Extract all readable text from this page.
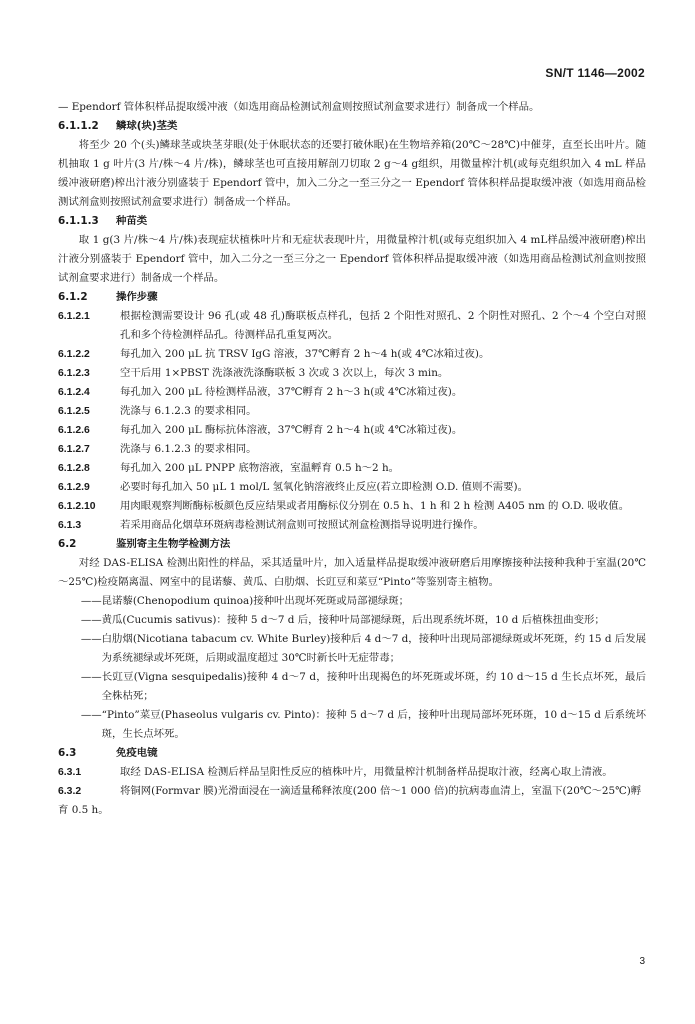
SN/T 1146—2002
— Ependorf 管体积样品提取缓冲液（如选用商品检测试剂盒则按照试剂盒要求进行）制备成一个样品。
6.1.1.2 鳞球(块)茎类
将至少 20 个(头)鳞球茎或块茎芽眼(处于休眠状态的还要打破休眠)在生物培养箱(20℃～28℃)中催芽，直至长出叶片。随机抽取 1 g 叶片(3 片/株～4 片/株)，鳞球茎也可直接用解剖刀切取 2 g～4 g组织，用微量榨汁机(或每克组织加入 4 mL 样品缓冲液研磨)榨出汁液分别盛装于 Ependorf 管中，加入二分之一至三分之一 Ependorf 管体积样品提取缓冲液（如选用商品检测试剂盒则按照试剂盒要求进行）制备成一个样品。
6.1.1.3 种苗类
取 1 g(3 片/株～4 片/株)表现症状植株叶片和无症状表现叶片，用微量榨汁机(或每克组织加入 4 mL样品缓冲液研磨)榨出汁液分别盛装于 Ependorf 管中，加入二分之一至三分之一 Ependorf 管体积样品提取缓冲液（如选用商品检测试剂盒则按照试剂盒要求进行）制备成一个样品。
6.1.2	操作步骤
6.1.2.1	根据检测需要设计 96 孔(或 48 孔)酶联板点样孔，包括 2 个阳性对照孔、2 个阴性对照孔、2 个～4 个空白对照孔和多个待检测样品孔。待测样品孔重复两次。
6.1.2.2	每孔加入 200 μL 抗 TRSV IgG 溶液，37℃孵育 2 h～4 h(或 4℃冰箱过夜)。
6.1.2.3	空干后用 1×PBST 洗涤液洗涤酶联板 3 次或 3 次以上，每次 3 min。
6.1.2.4	每孔加入 200 μL 待检测样品液，37℃孵育 2 h～3 h(或 4℃冰箱过夜)。
6.1.2.5	洗涤与 6.1.2.3 的要求相同。
6.1.2.6	每孔加入 200 μL 酶标抗体溶液，37℃孵育 2 h～4 h(或 4℃冰箱过夜)。
6.1.2.7	洗涤与 6.1.2.3 的要求相同。
6.1.2.8	每孔加入 200 μL PNPP 底物溶液，室温孵育 0.5 h～2 h。
6.1.2.9	必要时每孔加入 50 μL 1 mol/L 氢氧化钠溶液终止反应(若立即检测 O.D. 值则不需要)。
6.1.2.10 用肉眼观察判断酶标板颜色反应结果或者用酶标仪分别在 0.5 h、1 h 和 2 h 检测 A405 nm 的 O.D. 吸收值。
6.1.3	若采用商品化烟草环斑病毒检测试剂盒则可按照试剂盒检测指导说明进行操作。
6.2	鉴别寄主生物学检测方法
对经 DAS-ELISA 检测出阳性的样品，采其适量叶片，加入适量样品提取缓冲液研磨后用摩擦接种法接种我种于室温(20℃～25℃)检疫隔离温、网室中的昆诺藜、黄瓜、白肋烟、长豇豆和菜豆“Pinto”等鉴别寄主植物。
——昆诺藜(Chenopodium quinoa)接种叶出现坏死斑或局部褪绿斑；
——黄瓜(Cucumis sativus)：接种 5 d～7 d 后，接种叶局部褪绿斑，后出现系统坏斑，10 d 后植株扭曲变形；
——白肋烟(Nicotiana tabacum cv. White Burley)接种后 4 d～7 d，接种叶出现局部褪绿斑或坏死斑，约 15 d 后发展为系统褪绿或坏死斑，后期或温度超过 30℃时新长叶无症带毒；
——长豇豆(Vigna sesquipedalis)接种 4 d～7 d，接种叶出现褐色的坏死斑或坏斑，约 10 d～15 d 生长点坏死，最后全株枯死；
——“Pinto”菜豆(Phaseolus vulgaris cv. Pinto)：接种 5 d～7 d 后，接种叶出现局部坏死环斑，10 d～15 d 后系统坏斑，生长点坏死。
6.3	免疫电镜
6.3.1	取经 DAS-ELISA 检测后样品呈阳性反应的植株叶片，用微量榨汁机制备样品提取汁液，经离心取上清液。
6.3.2	将铜网(Formvar 膜)光滑面浸在一滴适量稀释浓度(200 倍～1 000 倍)的抗病毒血清上，室温下(20℃～25℃)孵育 0.5 h。
3
